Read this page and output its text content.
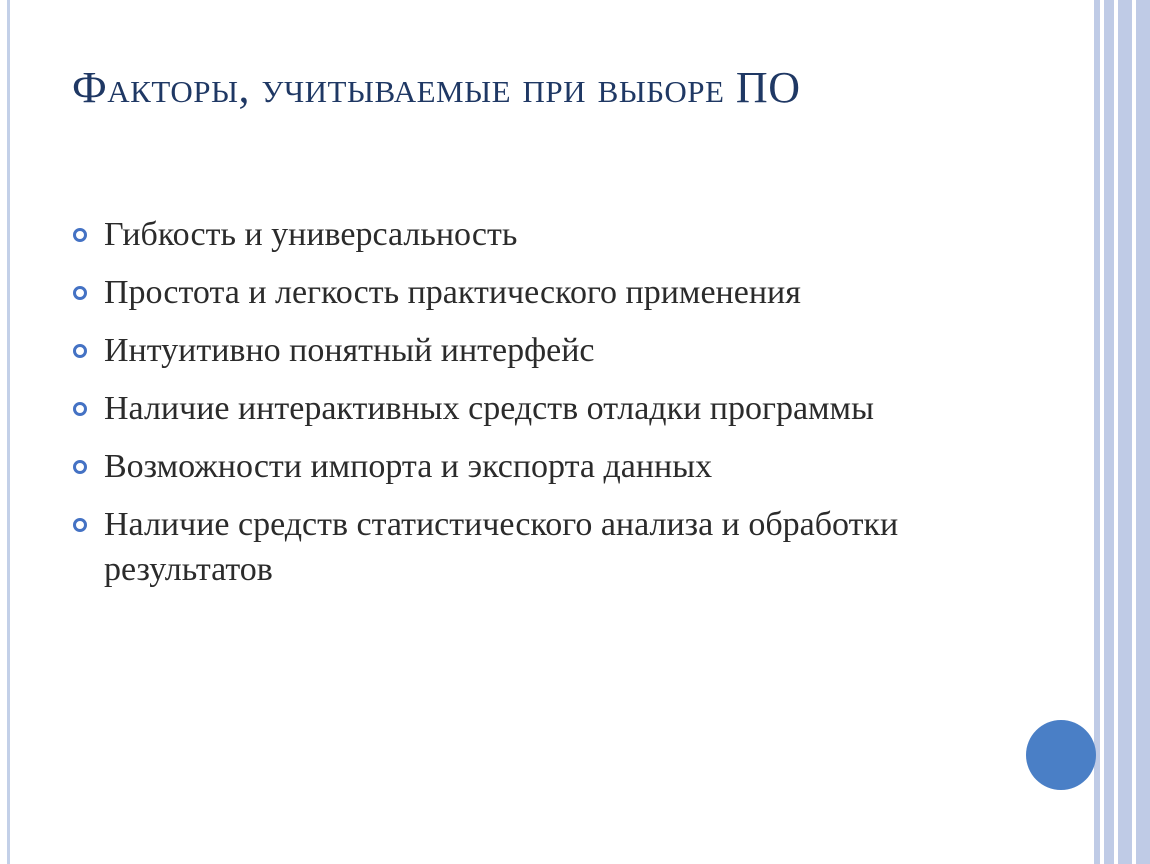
Факторы, учитываемые при выборе ПО
Гибкость и универсальность
Простота и легкость практического применения
Интуитивно понятный интерфейс
Наличие интерактивных средств отладки программы
Возможности импорта и экспорта данных
Наличие средств статистического анализа и обработки результатов
